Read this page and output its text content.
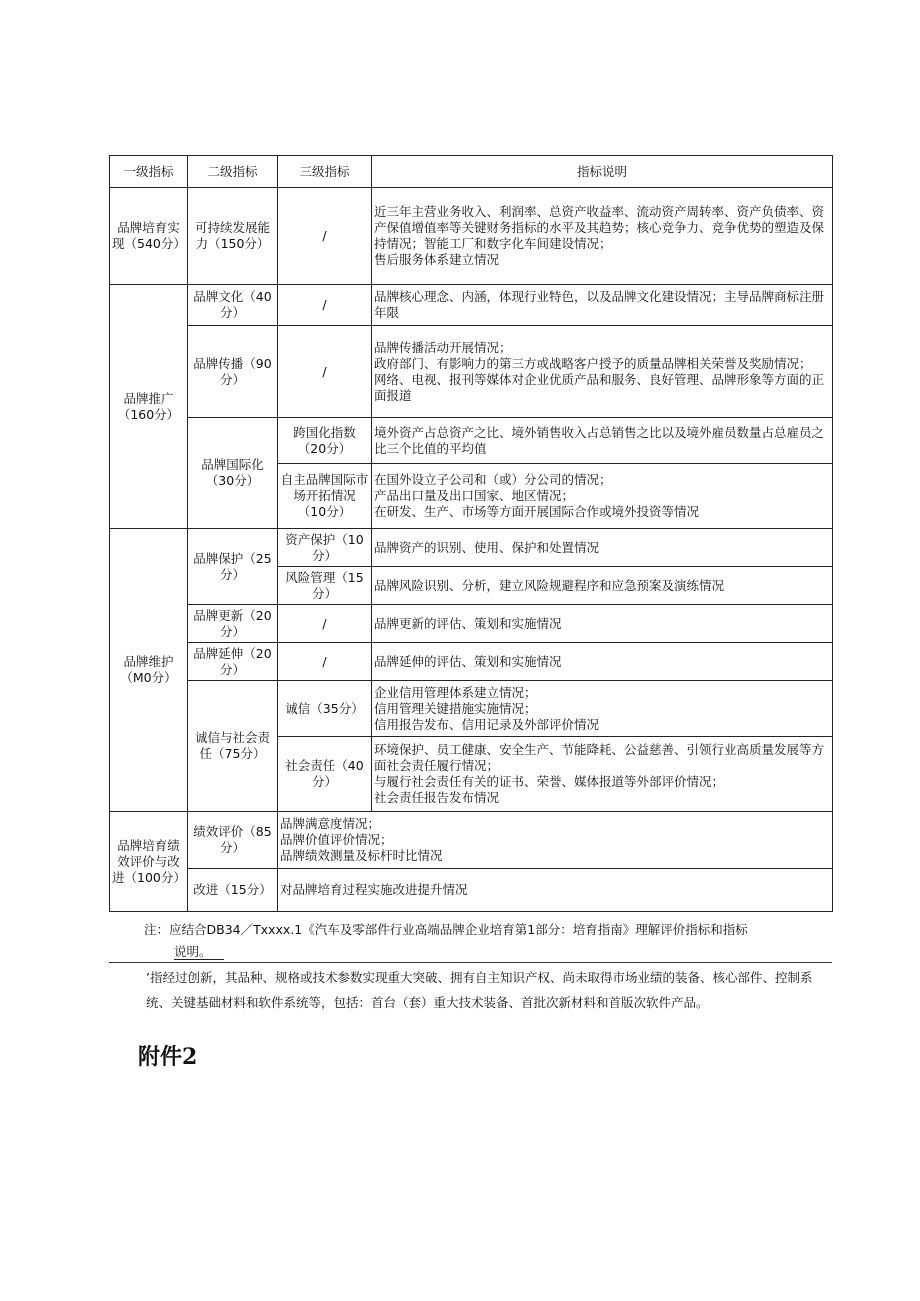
一级指标	二级指标	三级指标	指标说明
品牌培育实现（540分）	可持续发展能力（150分）	/	近三年主营业务收入、利润率、总资产收益率、流动资产周转率、资产负债率、资产保值增值率等关键财务指标的水平及其趋势；核心竞争力、竞争优势的塑造及保持情况；智能工厂和数字化车间建设情况；
售后服务体系建立情况
品牌推广（160分）	品牌文化（40分）	/	品牌核心理念、内涵，体现行业特色，以及品牌文化建设情况；主导品牌商标注册年限
	品牌传播（90分）	/	品牌传播活动开展情况；
政府部门、有影响力的第三方或战略客户授予的质量品牌相关荣誉及奖励情况；
网络、电视、报刊等媒体对企业优质产品和服务、良好管理、品牌形象等方面的正面报道
	品牌国际化（30分）	跨国化指数（20分）	境外资产占总资产之比、境外销售收入占总销售之比以及境外雇员数量占总雇员之比三个比值的平均值
		自主品牌国际市场开拓情况（10分）	在国外设立子公司和（或）分公司的情况；
产品出口量及出口国家、地区情况；
在研发、生产、市场等方面开展国际合作或境外投资等情况
品牌维护（M0分）	品牌保护（25分）	资产保护（10分）	品牌资产的识别、使用、保护和处置情况
		风险管理（15分）	品牌风险识别、分析，建立风险规避程序和应急预案及演练情况
	品牌更新（20分）	/	品牌更新的评估、策划和实施情况
	品牌延伸（20分）	/	品牌延伸的评估、策划和实施情况
	诚信与社会责任（75分）	诚信（35分）	企业信用管理体系建立情况；
信用管理关键措施实施情况；
信用报告发布、信用记录及外部评价情况
		社会责任（40分）	环境保护、员工健康、安全生产、节能降耗、公益慈善、引领行业高质量发展等方面社会责任履行情况；
与履行社会责任有关的证书、荣誉、媒体报道等外部评价情况；
社会责任报告发布情况
品牌培育绩效评价与改进（100分）	绩效评价（85分）	品牌满意度情况；
品牌价值评价情况；
品牌绩效测量及标杆时比情况	
	改进（15分）	对品牌培育过程实施改进提升情况	
注：应结合DB34／Txxxx.1《汽车及零部件行业高端品牌企业培育第1部分：培育指南》理解评价指标和指标
说明。
’指经过创新，其品种、规格或技术参数实现重大突破、拥有自主知识产权、尚未取得市场业绩的装备、核心部件、控制系统、关键基础材料和软件系统等，包括：首台（套）重大技术装备、首批次新材料和首版次软件产品。
附件2
